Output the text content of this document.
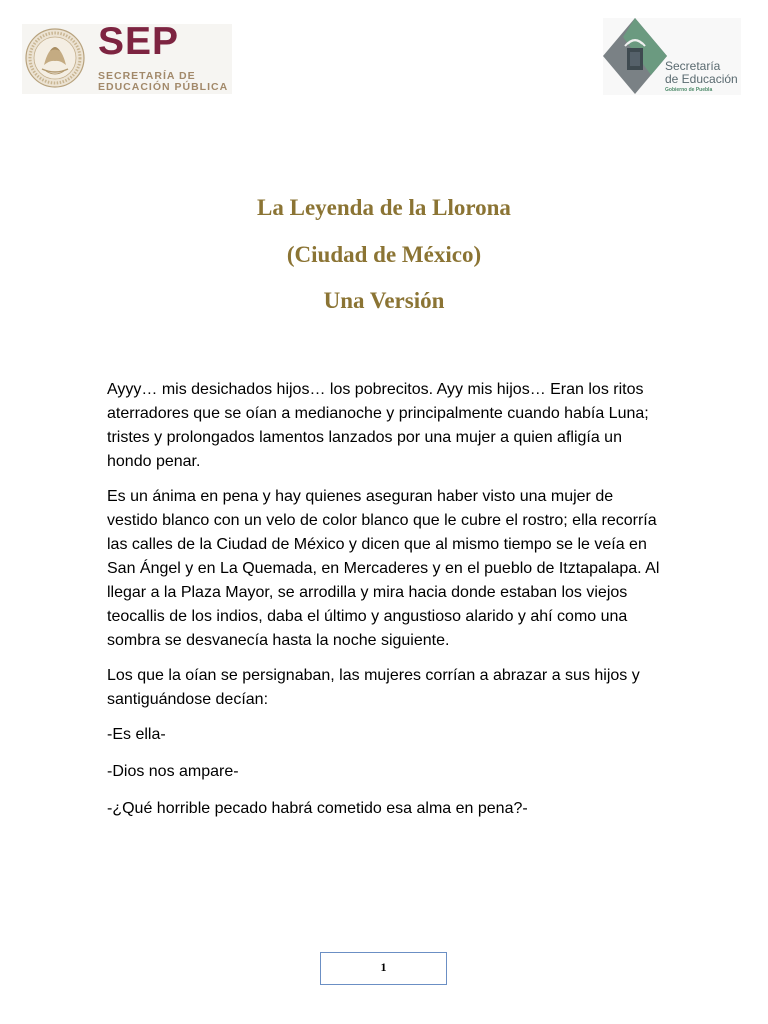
SEP
SECRETARÍA DE
EDUCACIÓN PÚBLICA
Secretaría
de Educación
Gobierno de Puebla
La Leyenda de la Llorona
(Ciudad de México)
Una Versión

Ayyy… mis desichados hijos… los pobrecitos. Ayy mis hijos… Eran los ritos aterradores que se oían a medianoche y principalmente cuando había Luna; tristes y prolongados lamentos lanzados por una mujer a quien afligía un hondo penar.

Es un ánima en pena y hay quienes aseguran haber visto una mujer de vestido blanco con un velo de color blanco que le cubre el rostro; ella recorría las calles de la Ciudad de México y dicen que al mismo tiempo se le veía en San Ángel y en La Quemada, en Mercaderes y en el pueblo de Itztapalapa. Al llegar a la Plaza Mayor, se arrodilla y mira hacia donde estaban los viejos teocallis de los indios, daba el último y angustioso alarido y ahí como una sombra se desvanecía hasta la noche siguiente.

Los que la oían se persignaban, las mujeres corrían a abrazar a sus hijos y santiguándose decían:

-Es ella-

-Dios nos ampare-

-¿Qué horrible pecado habrá cometido esa alma en pena?-

1
